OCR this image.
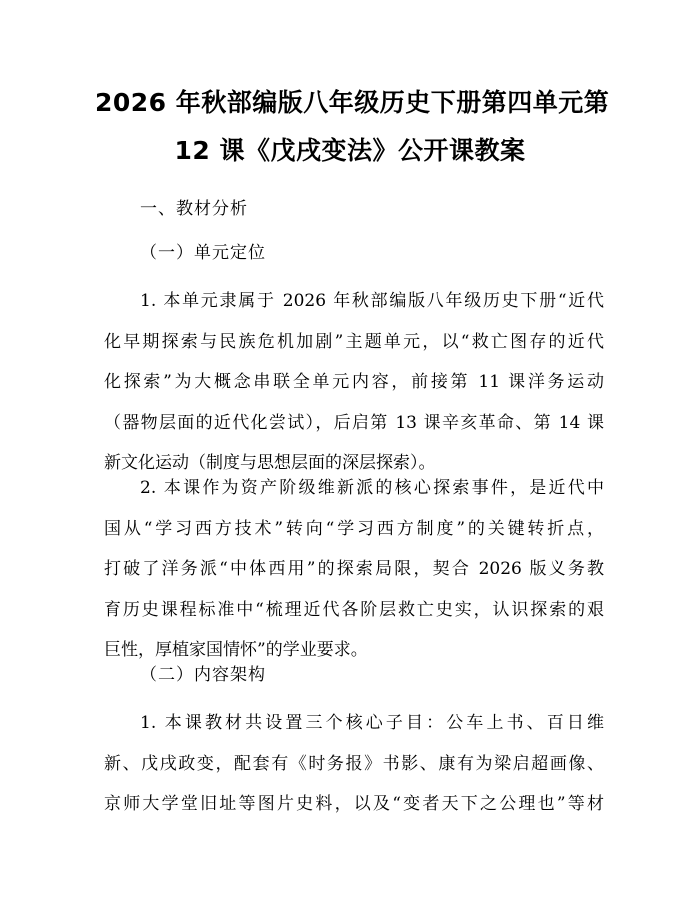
2026 年秋部编版八年级历史下册第四单元第
12 课《戊戌变法》公开课教案
一、教材分析
（一）单元定位
1. 本单元隶属于 2026 年秋部编版八年级历史下册“近代
化早期探索与民族危机加剧”主题单元，以“救亡图存的近代
化探索”为大概念串联全单元内容，前接第 11 课洋务运动
（器物层面的近代化尝试），后启第 13 课辛亥革命、第 14 课
新文化运动（制度与思想层面的深层探索）。
2. 本课作为资产阶级维新派的核心探索事件，是近代中
国从“学习西方技术”转向“学习西方制度”的关键转折点，
打破了洋务派“中体西用”的探索局限，契合 2026 版义务教
育历史课程标准中“梳理近代各阶层救亡史实，认识探索的艰
巨性，厚植家国情怀”的学业要求。
（二）内容架构
1. 本课教材共设置三个核心子目：公车上书、百日维
新、戊戌政变，配套有《时务报》书影、康有为梁启超画像、
京师大学堂旧址等图片史料，以及“变者天下之公理也”等材
